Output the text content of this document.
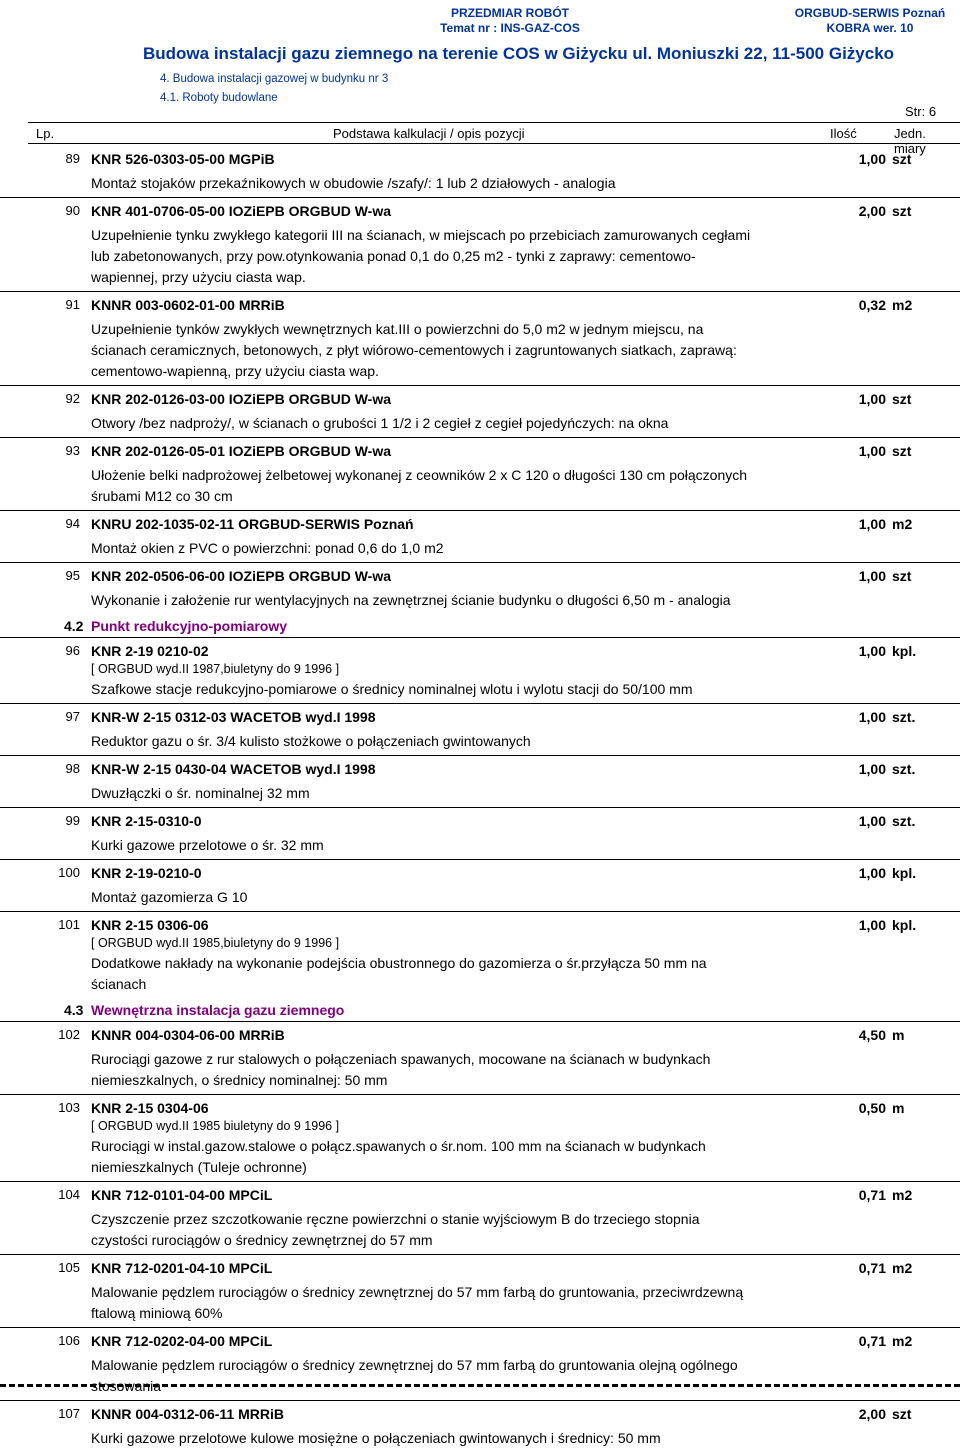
PRZEDMIAR ROBÓT
Temat nr : INS-GAZ-COS
ORGBUD-SERWIS Poznań
KOBRA wer. 10
Budowa instalacji gazu ziemnego na terenie COS w Giżycku ul. Moniuszki 22, 11-500 Giżycko
4. Budowa instalacji gazowej w budynku nr 3
4.1. Roboty budowlane
Str: 6
Lp.	Podstawa kalkulacji / opis pozycji	Ilość	Jedn. miary
89 KNR 526-0303-05-00 MGPiB	1,00 szt
Montaż stojaków przekaźnikowych w obudowie /szafy/: 1 lub 2 działowych - analogia
90 KNR 401-0706-05-00 IOZiEPB ORGBUD W-wa	2,00 szt
Uzupełnienie tynku zwykłego kategorii III na ścianach, w miejscach po przebiciach zamurowanych cegłami lub zabetonowanych, przy pow.otynkowania ponad 0,1 do 0,25 m2 - tynki z zaprawy: cementowo-wapiennej, przy użyciu ciasta wap.
91 KNNR 003-0602-01-00 MRRiB	0,32 m2
Uzupełnienie tynków zwykłych wewnętrznych kat.III o powierzchni do 5,0 m2 w jednym miejscu, na ścianach ceramicznych, betonowych, z płyt wiórowo-cementowych i zagruntowanych siatkach, zaprawą: cementowo-wapienną, przy użyciu ciasta wap.
92 KNR 202-0126-03-00 IOZiEPB ORGBUD W-wa	1,00 szt
Otwory /bez nadproży/, w ścianach o grubości 1 1/2 i 2 cegieł z cegieł pojedyńczych: na okna
93 KNR 202-0126-05-01 IOZiEPB ORGBUD W-wa	1,00 szt
Ułożenie belki nadprożowej żelbetowej wykonanej z ceowników 2 x C 120 o długości 130 cm połączonych śrubami M12 co 30 cm
94 KNRU 202-1035-02-11 ORGBUD-SERWIS Poznań	1,00 m2
Montaż okien z PVC o powierzchni: ponad 0,6 do 1,0 m2
95 KNR 202-0506-06-00 IOZiEPB ORGBUD W-wa	1,00 szt
Wykonanie i założenie rur wentylacyjnych na zewnętrznej ścianie budynku o długości 6,50 m - analogia
4.2 Punkt redukcyjno-pomiarowy
96 KNR 2-19 0210-02	1,00 kpl.
[ ORGBUD wyd.II 1987,biuletyny do 9 1996 ]
Szafkowe stacje redukcyjno-pomiarowe o średnicy nominalnej wlotu i wylotu stacji do 50/100 mm
97 KNR-W 2-15 0312-03 WACETOB wyd.I 1998	1,00 szt.
Reduktor gazu o śr. 3/4 kulisto stożkowe o połączeniach gwintowanych
98 KNR-W 2-15 0430-04 WACETOB wyd.I 1998	1,00 szt.
Dwuzłączki o śr. nominalnej 32 mm
99 KNR 2-15-0310-0	1,00 szt.
Kurki gazowe przelotowe o śr. 32 mm
100 KNR 2-19-0210-0	1,00 kpl.
Montaż gazomierza G 10
101 KNR 2-15 0306-06	1,00 kpl.
[ ORGBUD wyd.II 1985,biuletyny do 9 1996 ]
Dodatkowe nakłady na wykonanie podejścia obustronnego do gazomierza o śr.przyłącza 50 mm na ścianach
4.3 Wewnętrzna instalacja gazu ziemnego
102 KNNR 004-0304-06-00 MRRiB	4,50 m
Rurociągi gazowe z rur stalowych o połączeniach spawanych, mocowane na ścianach w budynkach niemieszkalnych, o średnicy nominalnej: 50 mm
103 KNR 2-15 0304-06	0,50 m
[ ORGBUD wyd.II 1985 biuletyny do 9 1996 ]
Rurociągi w instal.gazow.stalowe o połącz.spawanych o śr.nom. 100 mm na ścianach w budynkach niemieszkalnych (Tuleje ochronne)
104 KNR 712-0101-04-00 MPCiL	0,71 m2
Czyszczenie przez szczotkowanie ręczne powierzchni o stanie wyjściowym B do trzeciego stopnia czystości rurociągów o średnicy zewnętrznej do 57 mm
105 KNR 712-0201-04-10 MPCiL	0,71 m2
Malowanie pędzlem rurociągów o średnicy zewnętrznej do 57 mm farbą do gruntowania, przeciwrdzewną ftalową miniową 60%
106 KNR 712-0202-04-00 MPCiL	0,71 m2
Malowanie pędzlem rurociągów o średnicy zewnętrznej do 57 mm farbą do gruntowania olejną ogólnego stosowania
107 KNNR 004-0312-06-11 MRRiB	2,00 szt
Kurki gazowe przelotowe kulowe mosiężne o połączeniach gwintowanych i średnicy: 50 mm
